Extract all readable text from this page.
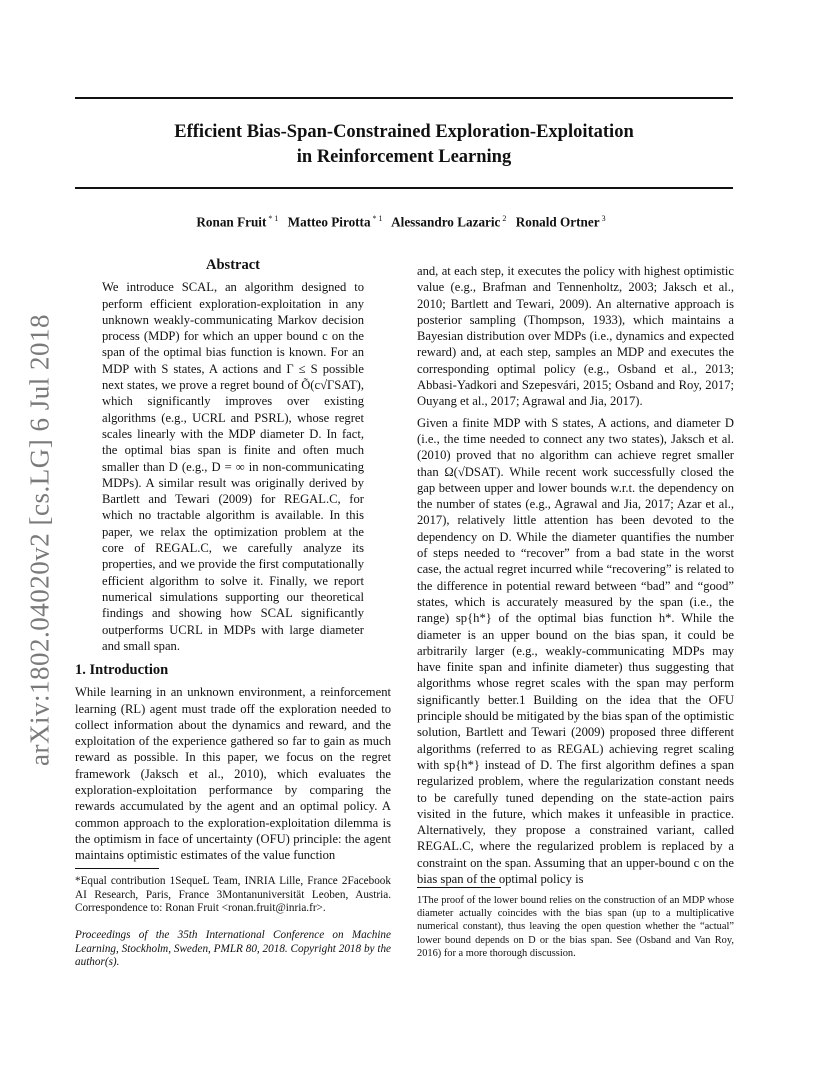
arXiv:1802.04020v2 [cs.LG] 6 Jul 2018
Efficient Bias-Span-Constrained Exploration-Exploitation
in Reinforcement Learning
Ronan Fruit $^{* 1}$ Matteo Pirotta $^{* 1}$ Alessandro Lazaric $^2$ Ronald Ortner $^3$
Abstract

We introduce SCAL, an algorithm designed to perform efficient exploration-exploitation in any unknown weakly-communicating Markov decision process (MDP) for which an upper bound c on the span of the optimal bias function is known. For an MDP with S states, A actions and Γ ≤ S possible next states, we prove a regret bound of Õ(c√ΓSAT), which significantly improves over existing algorithms (e.g., UCRL and PSRL), whose regret scales linearly with the MDP diameter D. In fact, the optimal bias span is finite and often much smaller than D (e.g., D = ∞ in non-communicating MDPs). A similar result was originally derived by Bartlett and Tewari (2009) for REGAL.C, for which no tractable algorithm is available. In this paper, we relax the optimization problem at the core of REGAL.C, we carefully analyze its properties, and we provide the first computationally efficient algorithm to solve it. Finally, we report numerical simulations supporting our theoretical findings and showing how SCAL significantly outperforms UCRL in MDPs with large diameter and small span.

1. Introduction

While learning in an unknown environment, a reinforcement learning (RL) agent must trade off the exploration needed to collect information about the dynamics and reward, and the exploitation of the experience gathered so far to gain as much reward as possible. In this paper, we focus on the regret framework (Jaksch et al., 2010), which evaluates the exploration-exploitation performance by comparing the rewards accumulated by the agent and an optimal policy. A common approach to the exploration-exploitation dilemma is the optimism in face of uncertainty (OFU) principle: the agent maintains optimistic estimates of the value function

and, at each step, it executes the policy with highest optimistic value (e.g., Brafman and Tennenholtz, 2003; Jaksch et al., 2010; Bartlett and Tewari, 2009). An alternative approach is posterior sampling (Thompson, 1933), which maintains a Bayesian distribution over MDPs (i.e., dynamics and expected reward) and, at each step, samples an MDP and executes the corresponding optimal policy (e.g., Osband et al., 2013; Abbasi-Yadkori and Szepesvári, 2015; Osband and Roy, 2017; Ouyang et al., 2017; Agrawal and Jia, 2017).

Given a finite MDP with S states, A actions, and diameter D (i.e., the time needed to connect any two states), Jaksch et al. (2010) proved that no algorithm can achieve regret smaller than Ω(√DSAT). While recent work successfully closed the gap between upper and lower bounds w.r.t. the dependency on the number of states (e.g., Agrawal and Jia, 2017; Azar et al., 2017), relatively little attention has been devoted to the dependency on D. While the diameter quantifies the number of steps needed to “recover” from a bad state in the worst case, the actual regret incurred while “recovering” is related to the difference in potential reward between “bad” and “good” states, which is accurately measured by the span (i.e., the range) sp{h*} of the optimal bias function h*. While the diameter is an upper bound on the bias span, it could be arbitrarily larger (e.g., weakly-communicating MDPs may have finite span and infinite diameter) thus suggesting that algorithms whose regret scales with the span may perform significantly better.1 Building on the idea that the OFU principle should be mitigated by the bias span of the optimistic solution, Bartlett and Tewari (2009) proposed three different algorithms (referred to as REGAL) achieving regret scaling with sp{h*} instead of D. The first algorithm defines a span regularized problem, where the regularization constant needs to be carefully tuned depending on the state-action pairs visited in the future, which makes it unfeasible in practice. Alternatively, they propose a constrained variant, called REGAL.C, where the regularized problem is replaced by a constraint on the span. Assuming that an upper-bound c on the bias span of the optimal policy is

*Equal contribution 1SequeL Team, INRIA Lille, France 2Facebook AI Research, Paris, France 3Montanuniversität Leoben, Austria. Correspondence to: Ronan Fruit <ronan.fruit@inria.fr>.

Proceedings of the 35th International Conference on Machine Learning, Stockholm, Sweden, PMLR 80, 2018. Copyright 2018 by the author(s).

1The proof of the lower bound relies on the construction of an MDP whose diameter actually coincides with the bias span (up to a multiplicative numerical constant), thus leaving the open question whether the “actual” lower bound depends on D or the bias span. See (Osband and Van Roy, 2016) for a more thorough discussion.
